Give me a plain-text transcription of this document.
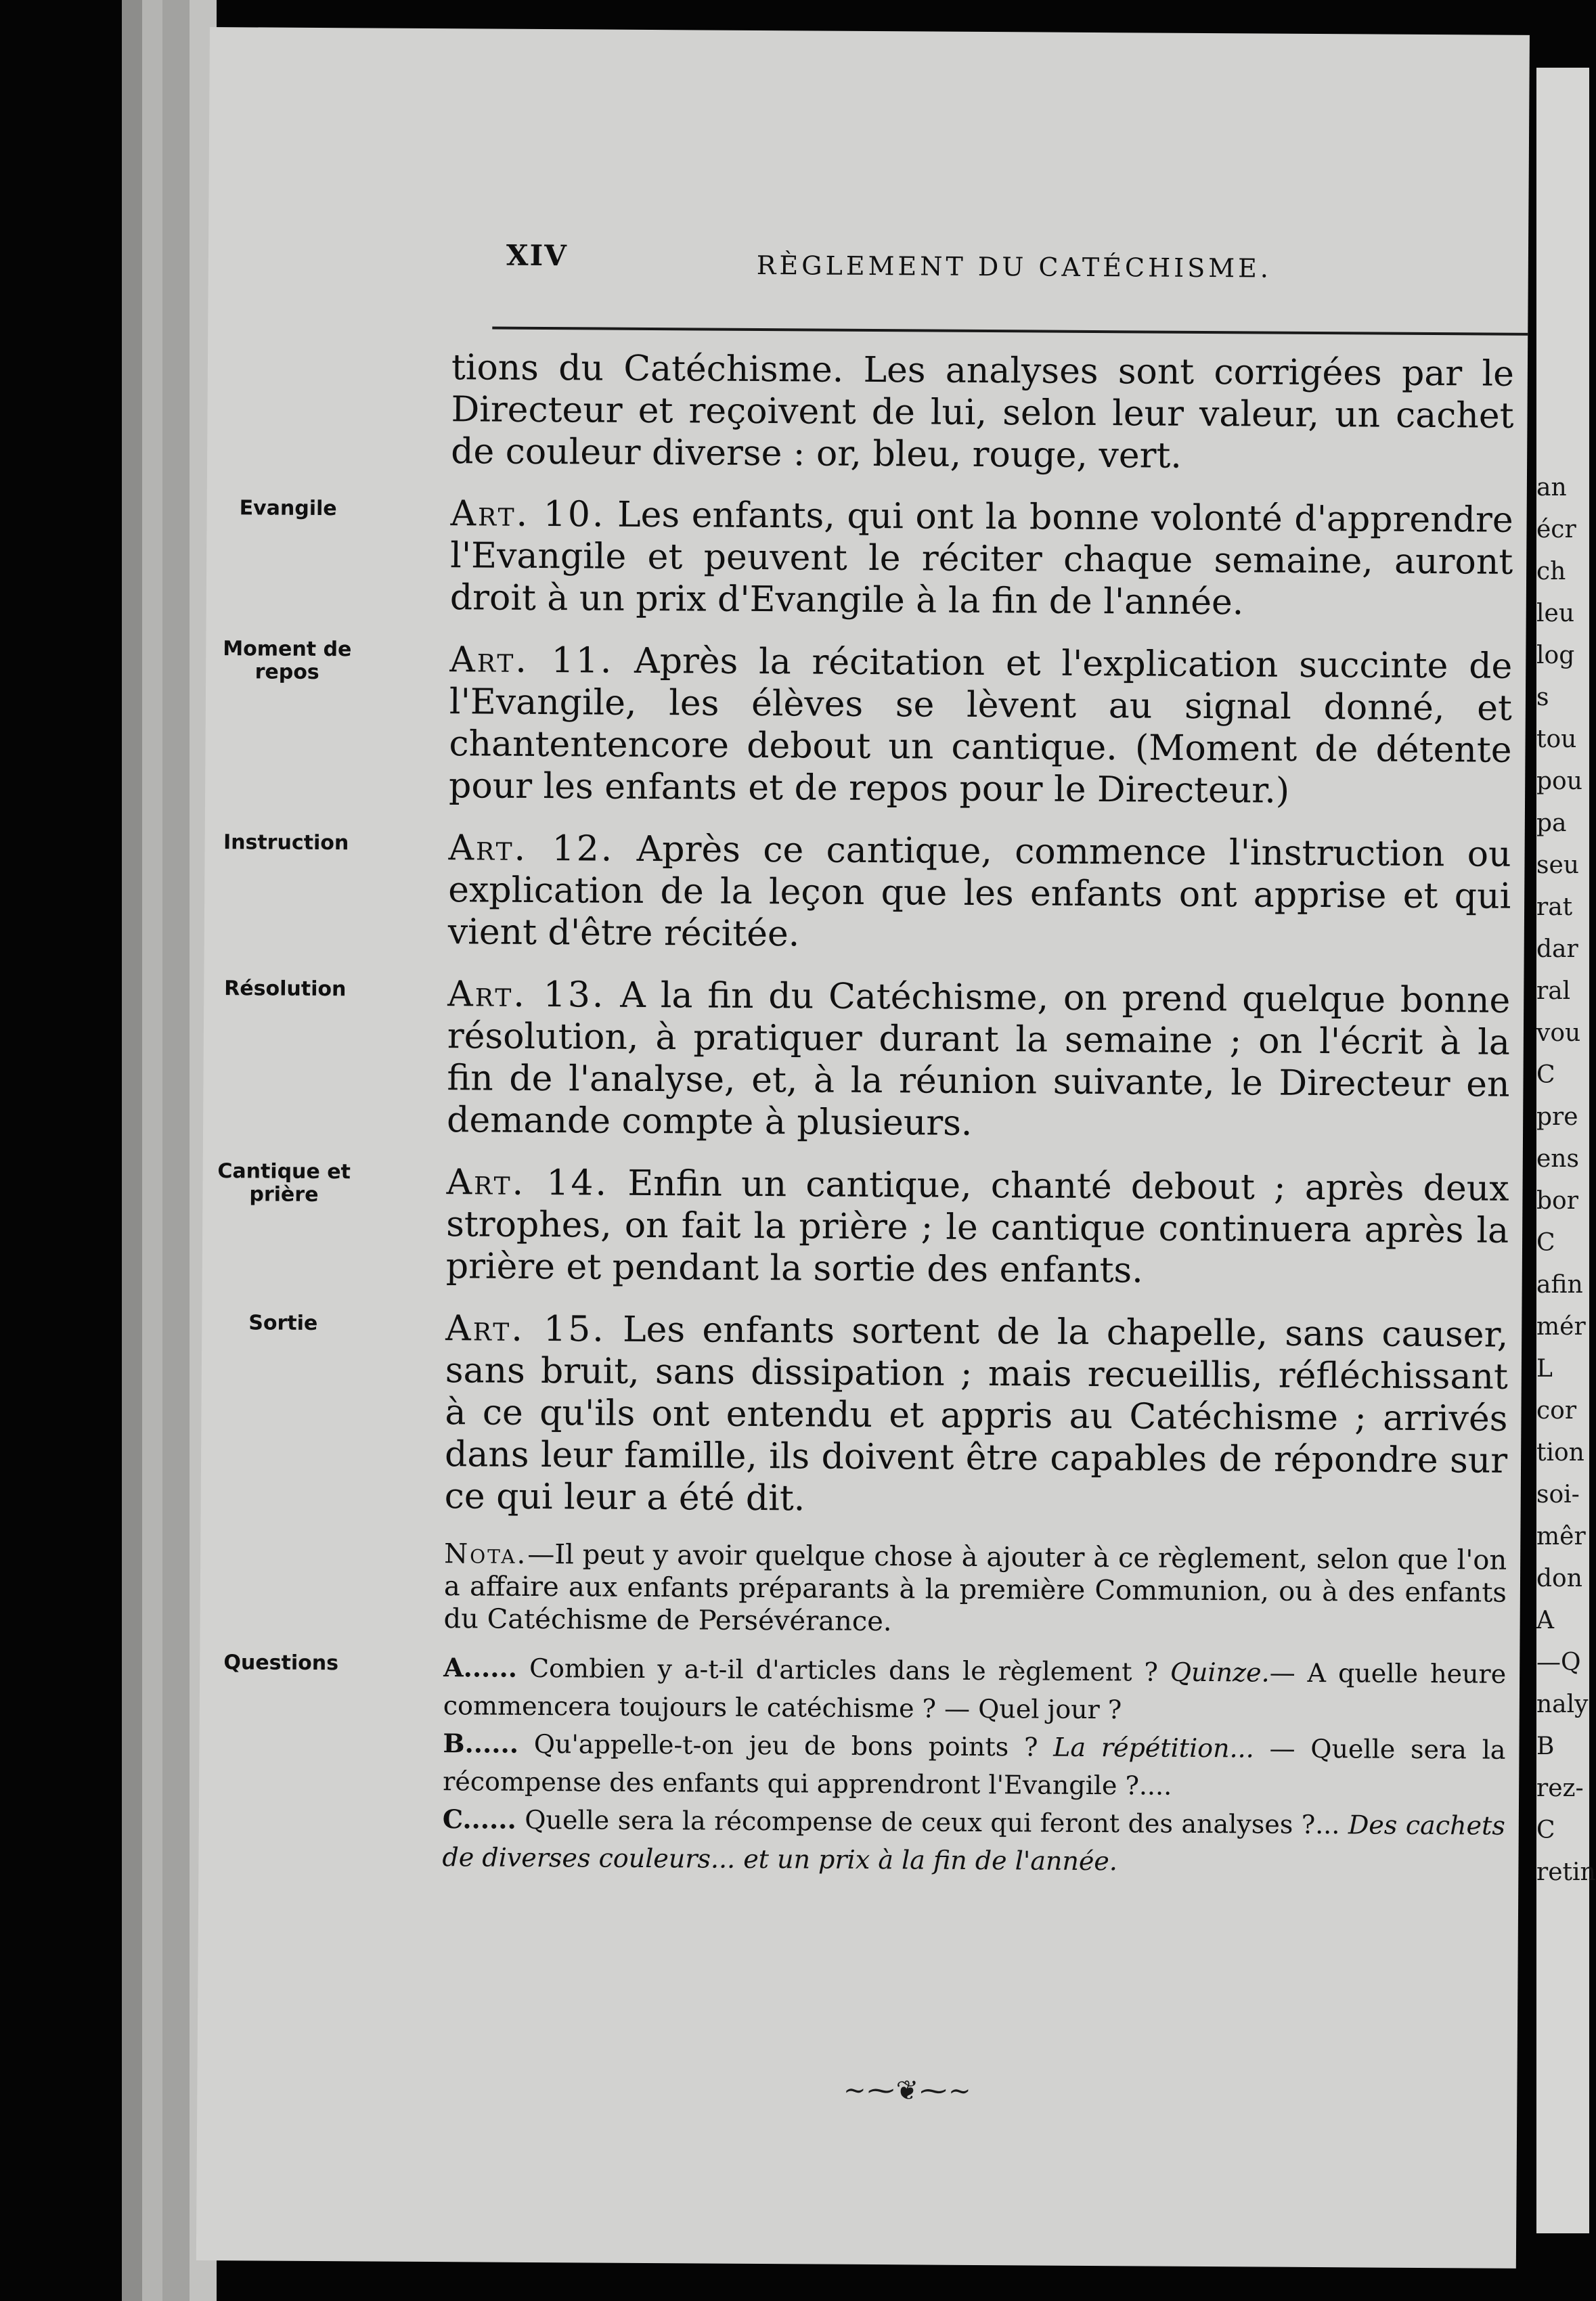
XIV	RÈGLEMENT DU CATÉCHISME.
tions du Catéchisme. Les analyses sont corrigées par le Directeur et reçoivent de lui, selon leur valeur, un cachet de couleur diverse : or, bleu, rouge, vert.
Evangile	Art. 10. Les enfants, qui ont la bonne volonté d'apprendre l'Evangile et peuvent le réciter chaque semaine, auront droit à un prix d'Evangile à la fin de l'année.
Moment de repos	Art. 11. Après la récitation et l'explication succinte de l'Evangile, les élèves se lèvent au signal donné, et chantentencore debout un cantique. (Moment de détente pour les enfants et de repos pour le Directeur.)
Instruction	Art. 12. Après ce cantique, commence l'instruction ou explication de la leçon que les enfants ont apprise et qui vient d'être récitée.
Résolution	Art. 13. A la fin du Catéchisme, on prend quelque bonne résolution, à pratiquer durant la semaine ; on l'écrit à la fin de l'analyse, et, à la réunion suivante, le Directeur en demande compte à plusieurs.
Cantique et prière	Art. 14. Enfin un cantique, chanté debout ; après deux strophes, on fait la prière ; le cantique continuera après la prière et pendant la sortie des enfants.
Sortie	Art. 15. Les enfants sortent de la chapelle, sans causer, sans bruit, sans dissipation ; mais recueillis, réfléchissant à ce qu'ils ont entendu et appris au Catéchisme ; arrivés dans leur famille, ils doivent être capables de répondre sur ce qui leur a été dit.
Nota.—Il peut y avoir quelque chose à ajouter à ce règlement, selon que l'on a affaire aux enfants préparants à la première Communion, ou à des enfants du Catéchisme de Persévérance.
Questions	A...... Combien y a-t-il d'articles dans le règlement ? Quinze.— A quelle heure commencera toujours le catéchisme ? — Quel jour ?
B...... Qu'appelle-t-on jeu de bons points ? La répétition... — Quelle sera la récompense des enfants qui apprendront l'Evangile ?....
C...... Quelle sera la récompense de ceux qui feront des analyses ?... Des cachets de diverses couleurs... et un prix à la fin de l'année.
~⁓❦⁓~
an
écr
ch
leu
log
s
tou
pou
pa
seu
rat
dar
ral
vou
C
pre
ens
bor
C
afin
mér
L
cor
tion
soi-
mêr
don
A
—Q
naly
B
rez-
C
retin
